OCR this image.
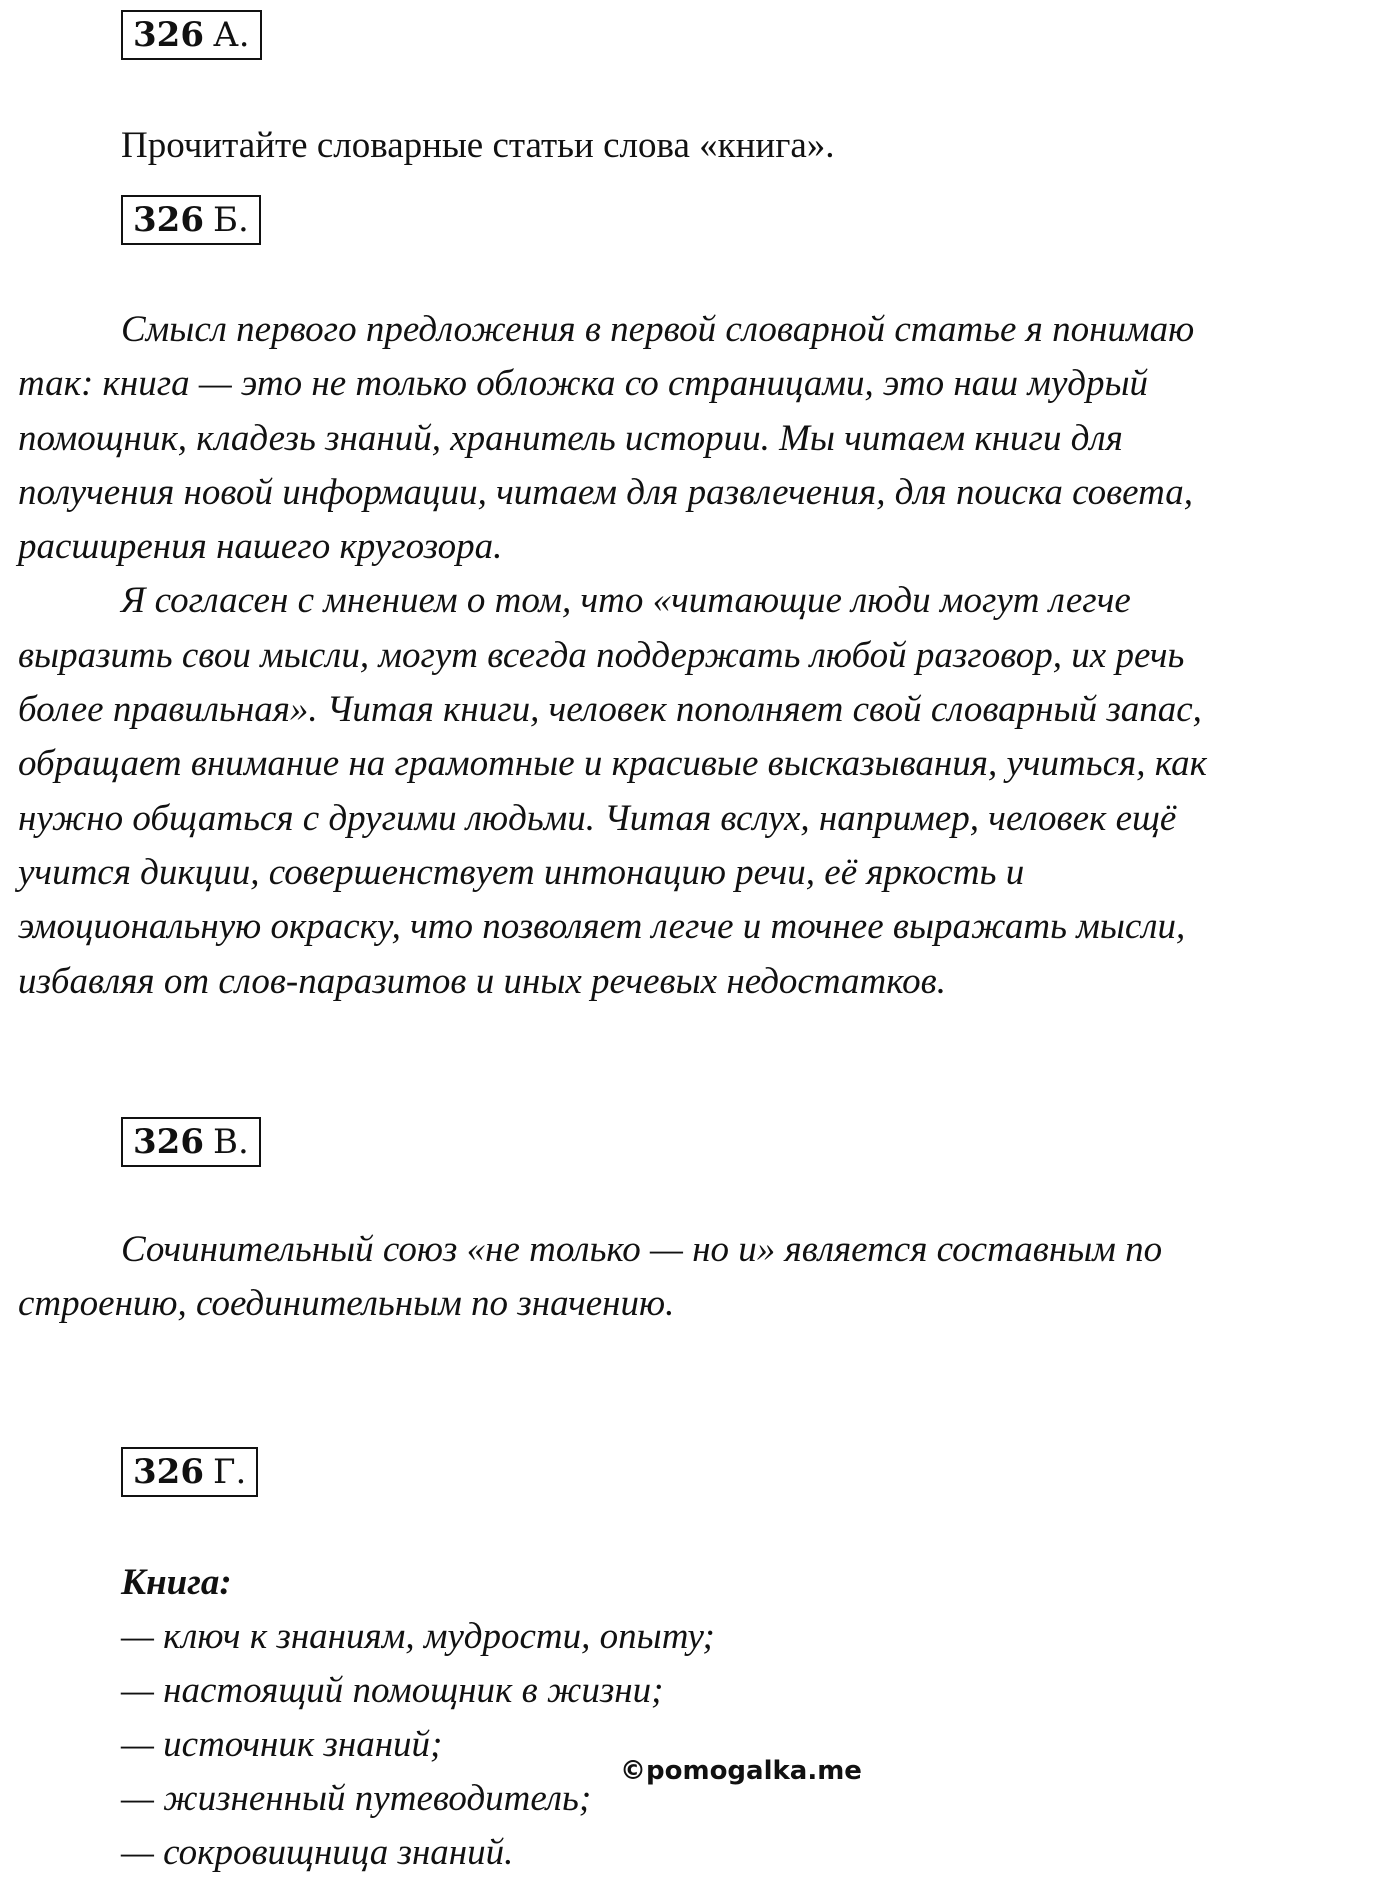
326 А.

Прочитайте словарные статьи слова «книга».

326 Б.
Смысл первого предложения в первой словарной статье я понимаю
так: книга — это не только обложка со страницами, это наш мудрый
помощник, кладезь знаний, хранитель истории. Мы читаем книги для
получения новой информации, читаем для развлечения, для поиска совета,
расширения нашего кругозора.
Я согласен с мнением о том, что «читающие люди могут легче
выразить свои мысли, могут всегда поддержать любой разговор, их речь
более правильная». Читая книги, человек пополняет свой словарный запас,
обращает внимание на грамотные и красивые высказывания, учиться, как
нужно общаться с другими людьми. Читая вслух, например, человек ещё
учится дикции, совершенствует интонацию речи, её яркость и
эмоциональную окраску, что позволяет легче и точнее выражать мысли,
избавляя от слов-паразитов и иных речевых недостатков.
326 В.
Сочинительный союз «не только — но и» является составным по
строению, соединительным по значению.
326 Г.
Книга:
— ключ к знаниям, мудрости, опыту;
— настоящий помощник в жизни;
— источник знаний;
— жизненный путеводитель;
— сокровищница знаний.
©pomogalka.me
